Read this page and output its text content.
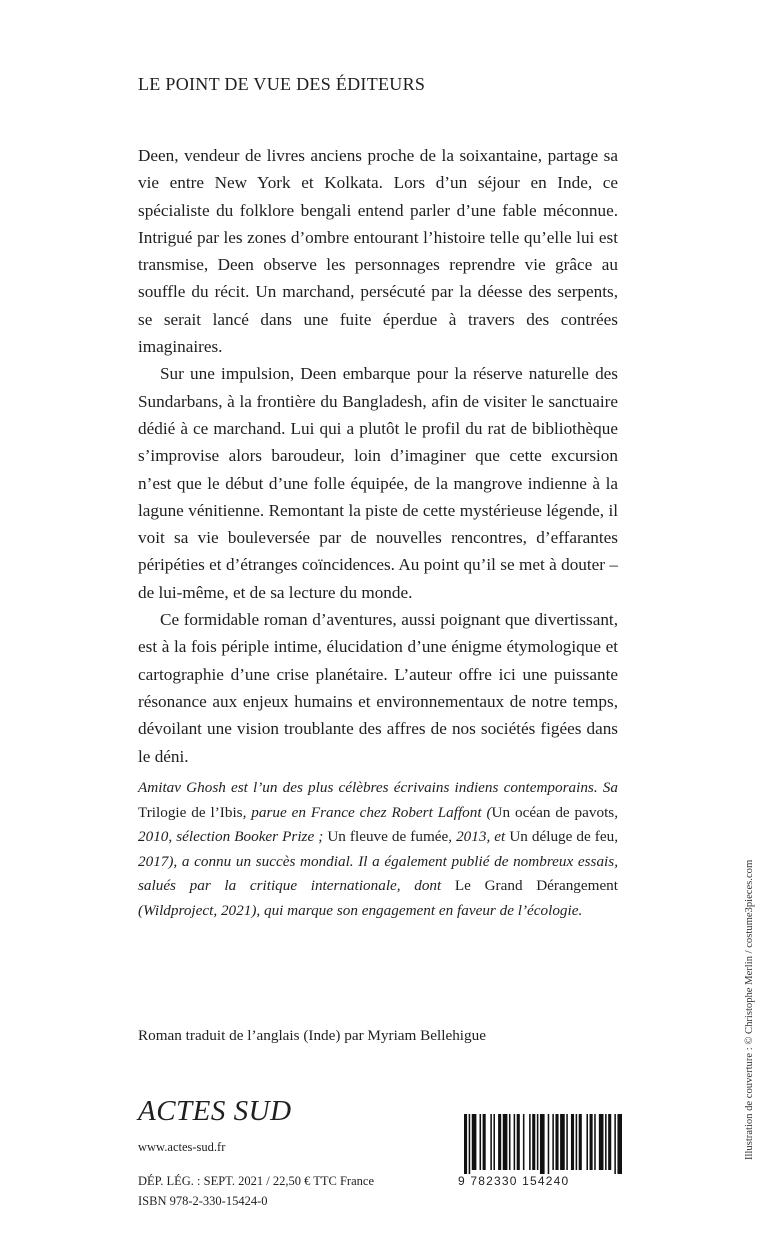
LE POINT DE VUE DES ÉDITEURS

Deen, vendeur de livres anciens proche de la soixantaine, partage sa vie entre New York et Kolkata. Lors d’un séjour en Inde, ce spécialiste du folklore bengali entend parler d’une fable méconnue. Intrigué par les zones d’ombre entourant l’histoire telle qu’elle lui est transmise, Deen observe les personnages reprendre vie grâce au souffle du récit. Un marchand, persécuté par la déesse des serpents, se serait lancé dans une fuite éperdue à travers des contrées imaginaires.

Sur une impulsion, Deen embarque pour la réserve naturelle des Sundarbans, à la frontière du Bangladesh, afin de visiter le sanctuaire dédié à ce marchand. Lui qui a plutôt le profil du rat de bibliothèque s’improvise alors baroudeur, loin d’imaginer que cette excursion n’est que le début d’une folle équipée, de la mangrove indienne à la lagune vénitienne. Remontant la piste de cette mystérieuse légende, il voit sa vie bouleversée par de nouvelles rencontres, d’effarantes péripéties et d’étranges coïncidences. Au point qu’il se met à douter – de lui-même, et de sa lecture du monde.

Ce formidable roman d’aventures, aussi poignant que divertissant, est à la fois périple intime, élucidation d’une énigme étymologique et cartographie d’une crise planétaire. L’auteur offre ici une puissante résonance aux enjeux humains et environnementaux de notre temps, dévoilant une vision troublante des affres de nos sociétés figées dans le déni.

Amitav Ghosh est l’un des plus célèbres écrivains indiens contemporains. Sa Trilogie de l’Ibis, parue en France chez Robert Laffont (Un océan de pavots, 2010, sélection Booker Prize ; Un fleuve de fumée, 2013, et Un déluge de feu, 2017), a connu un succès mondial. Il a également publié de nombreux essais, salués par la critique internationale, dont Le Grand Dérangement (Wildproject, 2021), qui marque son engagement en faveur de l’écologie.
Roman traduit de l’anglais (Inde) par Myriam Bellehigue
ACTES SUD
www.actes-sud.fr
DÉP. LÉG. : SEPT. 2021 / 22,50 € TTC France
ISBN 978-2-330-15424-0
9 782330 154240
Illustration de couverture : © Christophe Merlin / costume3pieces.com
